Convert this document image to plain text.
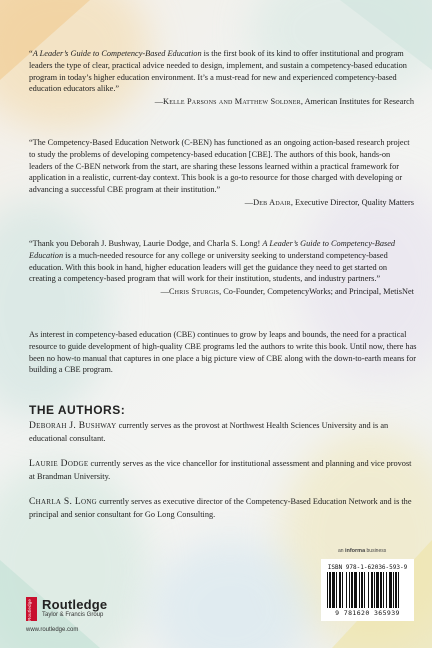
“A Leader’s Guide to Competency-Based Education is the first book of its kind to offer institutional and program leaders the type of clear, practical advice needed to design, implement, and sustain a competency-based education program in today’s higher education environment. It’s a must-read for new and experienced competency-based education educators alike.”

—Kelle Parsons and Matthew Soldner, American Institutes for Research

“The Competency-Based Education Network (C-BEN) has functioned as an ongoing action-based research project to study the problems of developing competency-based education [CBE]. The authors of this book, hands-on leaders of the C-BEN network from the start, are sharing these lessons learned within a practical framework for application in a realistic, current-day context. This book is a go-to resource for those charged with developing or advancing a successful CBE program at their institution.”

—Deb Adair, Executive Director, Quality Matters

“Thank you Deborah J. Bushway, Laurie Dodge, and Charla S. Long! A Leader’s Guide to Competency-Based Education is a much-needed resource for any college or university seeking to understand competency-based education. With this book in hand, higher education leaders will get the guidance they need to get started on creating a competency-based program that will work for their institution, students, and industry partners.”

—Chris Sturgis, Co-Founder, CompetencyWorks; and Principal, MetisNet

As interest in competency-based education (CBE) continues to grow by leaps and bounds, the need for a practical resource to guide development of high-quality CBE programs led the authors to write this book. Until now, there has been no how-to manual that captures in one place a big picture view of CBE along with the down-to-earth means for building a CBE program.
THE AUTHORS:
Deborah J. Bushway currently serves as the provost at Northwest Health Sciences University and is an educational consultant.
Laurie Dodge currently serves as the vice chancellor for institutional assessment and planning and vice provost at Brandman University.
Charla S. Long currently serves as executive director of the Competency-Based Education Network and is the principal and senior consultant for Go Long Consulting.
an informa business
ISBN 978-1-62036-593-9
9 781620 365939
Routledge Routledge
Taylor & Francis Group
www.routledge.com
